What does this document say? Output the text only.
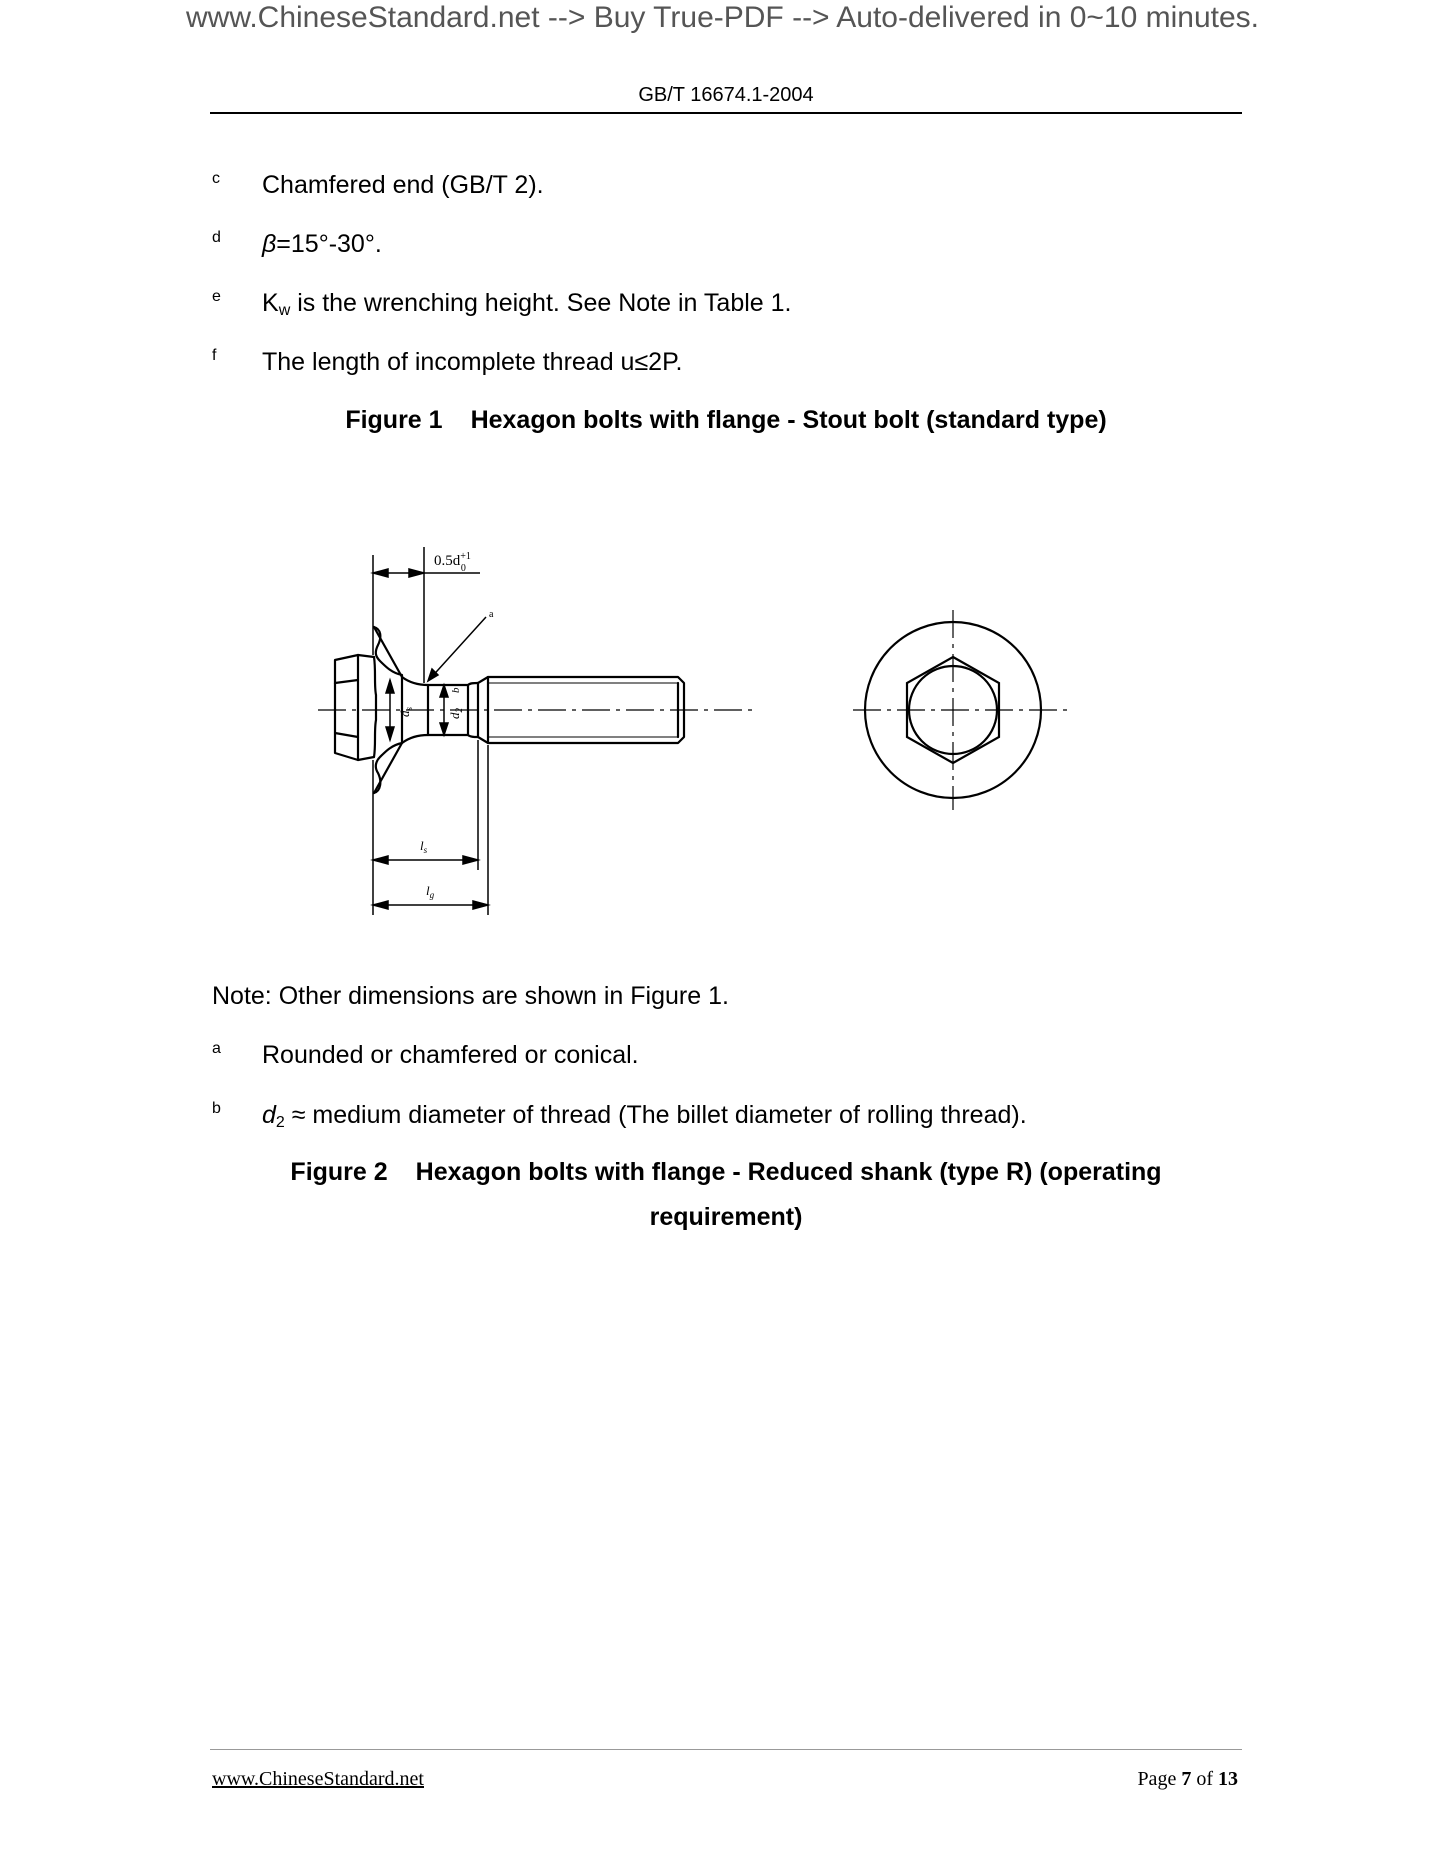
www.ChineseStandard.net --> Buy True-PDF --> Auto-delivered in 0~10 minutes.
GB/T 16674.1-2004
c Chamfered end (GB/T 2).
d β=15°-30°.
e $K_w$ is the wrenching height. See Note in Table 1.
f The length of incomplete thread u≤2P.
Figure 1 Hexagon bolts with flange - Stout bolt (standard type)
$0.5d^{+1}$ 0
a
$d_s$
$d_2$
b
$l_s$
$l_g$
Note: Other dimensions are shown in Figure 1.
a Rounded or chamfered or conical.
b $d_2$ ≈ medium diameter of thread (The billet diameter of rolling thread).
Figure 2 Hexagon bolts with flange - Reduced shank (type R) (operating
requirement)
www.ChineseStandard.net	Page 7 of 13
